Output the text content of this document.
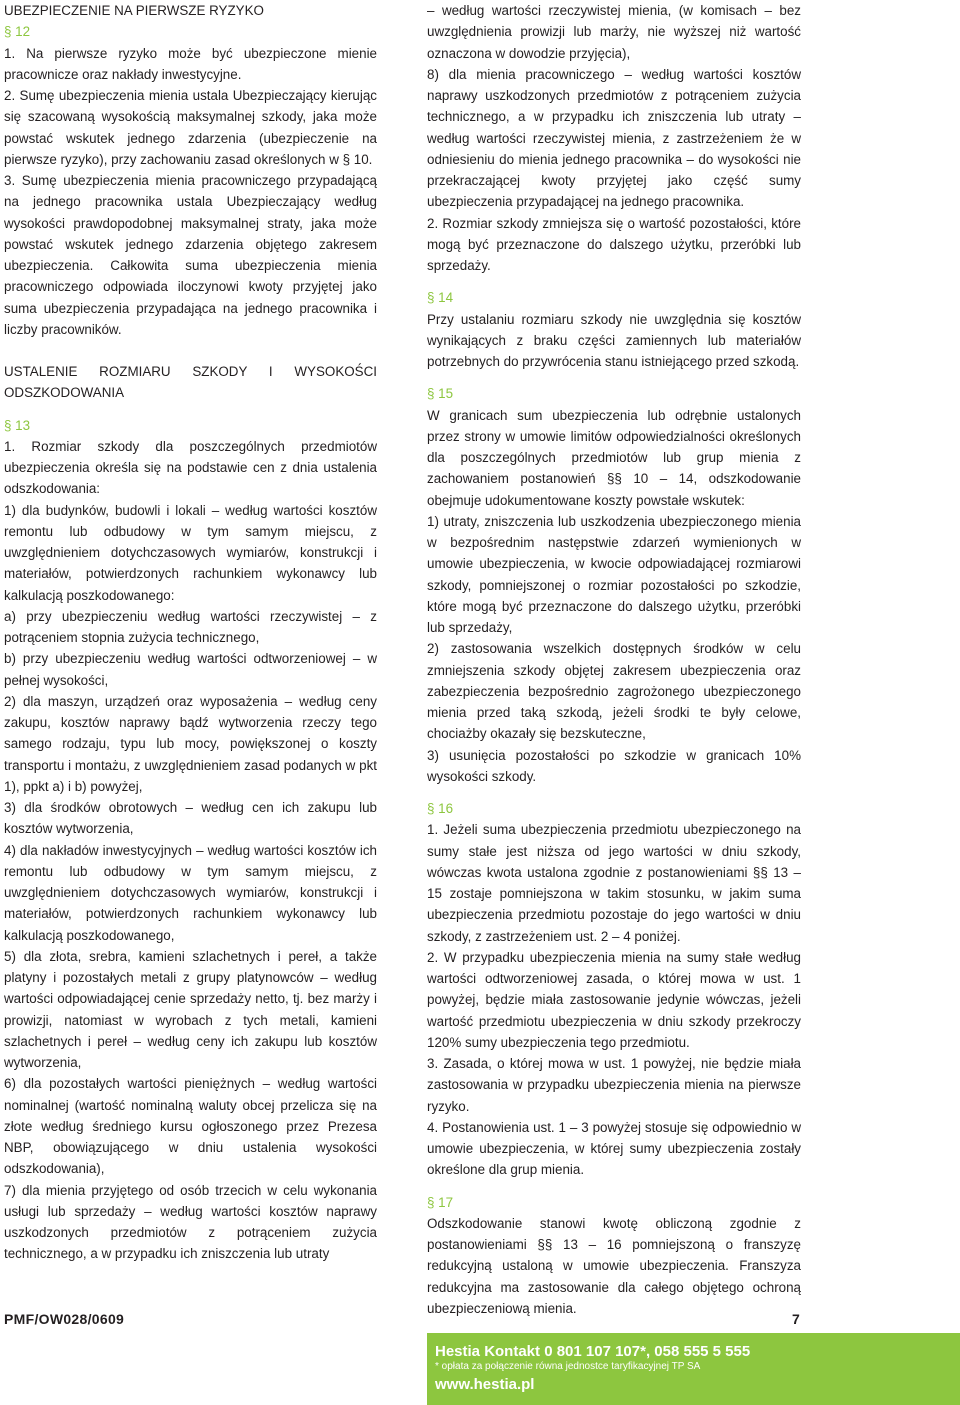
UBEZPIECZENIE NA PIERWSZE RYZYKO

§ 12

1. Na pierwsze ryzyko może być ubezpieczone mienie pracownicze oraz nakłady inwestycyjne.

2. Sumę ubezpieczenia mienia ustala Ubezpieczający kierując się szacowaną wysokością maksymalnej szkody, jaka może powstać wskutek jednego zdarzenia (ubezpieczenie na pierwsze ryzyko), przy zachowaniu zasad określonych w § 10.

3. Sumę ubezpieczenia mienia pracowniczego przypadającą na jednego pracownika ustala Ubezpieczający według wysokości prawdopodobnej maksymalnej straty, jaka może powstać wskutek jednego zdarzenia objętego zakresem ubezpieczenia. Całkowita suma ubezpieczenia mienia pracowniczego odpowiada iloczynowi kwoty przyjętej jako suma ubezpieczenia przypadająca na jednego pracownika i liczby pracowników.

USTALENIE ROZMIARU SZKODY I WYSOKOŚCI ODSZKODOWANIA

§ 13

1. Rozmiar szkody dla poszczególnych przedmiotów ubezpieczenia określa się na podstawie cen z dnia ustalenia odszkodowania:

1) dla budynków, budowli i lokali – według wartości kosztów remontu lub odbudowy w tym samym miejscu, z uwzględnieniem dotychczasowych wymiarów, konstrukcji i materiałów, potwierdzonych rachunkiem wykonawcy lub kalkulacją poszkodowanego:

a) przy ubezpieczeniu według wartości rzeczywistej – z potrąceniem stopnia zużycia technicznego,

b) przy ubezpieczeniu według wartości odtworzeniowej – w pełnej wysokości,

2) dla maszyn, urządzeń oraz wyposażenia – według ceny zakupu, kosztów naprawy bądź wytworzenia rzeczy tego samego rodzaju, typu lub mocy, powiększonej o koszty transportu i montażu, z uwzględnieniem zasad podanych w pkt 1), ppkt a) i b) powyżej,

3) dla środków obrotowych – według cen ich zakupu lub kosztów wytworzenia,

4) dla nakładów inwestycyjnych – według wartości kosztów ich remontu lub odbudowy w tym samym miejscu, z uwzględnieniem dotychczasowych wymiarów, konstrukcji i materiałów, potwierdzonych rachunkiem wykonawcy lub kalkulacją poszkodowanego,

5) dla złota, srebra, kamieni szlachetnych i pereł, a także platyny i pozostałych metali z grupy platynowców – według wartości odpowiadającej cenie sprzedaży netto, tj. bez marży i prowizji, natomiast w wyrobach z tych metali, kamieni szlachetnych i pereł – według ceny ich zakupu lub kosztów wytworzenia,

6) dla pozostałych wartości pieniężnych – według wartości nominalnej (wartość nominalną waluty obcej przelicza się na złote według średniego kursu ogłoszonego przez Prezesa NBP, obowiązującego w dniu ustalenia wysokości odszkodowania),

7) dla mienia przyjętego od osób trzecich w celu wykonania usługi lub sprzedaży – według wartości kosztów naprawy uszkodzonych przedmiotów z potrąceniem zużycia technicznego, a w przypadku ich zniszczenia lub utraty

– według wartości rzeczywistej mienia, (w komisach – bez uwzględnienia prowizji lub marży, nie wyższej niż wartość oznaczona w dowodzie przyjęcia),

8) dla mienia pracowniczego – według wartości kosztów naprawy uszkodzonych przedmiotów z potrąceniem zużycia technicznego, a w przypadku ich zniszczenia lub utraty – według wartości rzeczywistej mienia, z zastrzeżeniem że w odniesieniu do mienia jednego pracownika – do wysokości nie przekraczającej kwoty przyjętej jako część sumy ubezpieczenia przypadającej na jednego pracownika.

2. Rozmiar szkody zmniejsza się o wartość pozostałości, które mogą być przeznaczone do dalszego użytku, przeróbki lub sprzedaży.

§ 14

Przy ustalaniu rozmiaru szkody nie uwzględnia się kosztów wynikających z braku części zamiennych lub materiałów potrzebnych do przywrócenia stanu istniejącego przed szkodą.

§ 15

W granicach sum ubezpieczenia lub odrębnie ustalonych przez strony w umowie limitów odpowiedzialności określonych dla poszczególnych przedmiotów lub grup mienia z zachowaniem postanowień §§ 10 – 14, odszkodowanie obejmuje udokumentowane koszty powstałe wskutek:

1) utraty, zniszczenia lub uszkodzenia ubezpieczonego mienia w bezpośrednim następstwie zdarzeń wymienionych w umowie ubezpieczenia, w kwocie odpowiadającej rozmiarowi szkody, pomniejszonej o rozmiar pozostałości po szkodzie, które mogą być przeznaczone do dalszego użytku, przeróbki lub sprzedaży,

2) zastosowania wszelkich dostępnych środków w celu zmniejszenia szkody objętej zakresem ubezpieczenia oraz zabezpieczenia bezpośrednio zagrożonego ubezpieczonego mienia przed taką szkodą, jeżeli środki te były celowe, chociażby okazały się bezskuteczne,

3) usunięcia pozostałości po szkodzie w granicach 10% wysokości szkody.

§ 16

1. Jeżeli suma ubezpieczenia przedmiotu ubezpieczonego na sumy stałe jest niższa od jego wartości w dniu szkody, wówczas kwota ustalona zgodnie z postanowieniami §§ 13 – 15 zostaje pomniejszona w takim stosunku, w jakim suma ubezpieczenia przedmiotu pozostaje do jego wartości w dniu szkody, z zastrzeżeniem ust. 2 – 4 poniżej.

2. W przypadku ubezpieczenia mienia na sumy stałe według wartości odtworzeniowej zasada, o której mowa w ust. 1 powyżej, będzie miała zastosowanie jedynie wówczas, jeżeli wartość przedmiotu ubezpieczenia w dniu szkody przekroczy 120% sumy ubezpieczenia tego przedmiotu.

3. Zasada, o której mowa w ust. 1 powyżej, nie będzie miała zastosowania w przypadku ubezpieczenia mienia na pierwsze ryzyko.

4. Postanowienia ust. 1 – 3 powyżej stosuje się odpowiednio w umowie ubezpieczenia, w której sumy ubezpieczenia zostały określone dla grup mienia.

§ 17

Odszkodowanie stanowi kwotę obliczoną zgodnie z postanowieniami §§ 13 – 16 pomniejszoną o franszyzę redukcyjną ustaloną w umowie ubezpieczenia. Franszyza redukcyjna ma zastosowanie dla całego objętego ochroną ubezpieczeniową mienia.

PMF/OW028/0609	7
Hestia Kontakt 0 801 107 107*, 058 555 5 555
* opłata za połączenie równa jednostce taryfikacyjnej TP SA
www.hestia.pl
